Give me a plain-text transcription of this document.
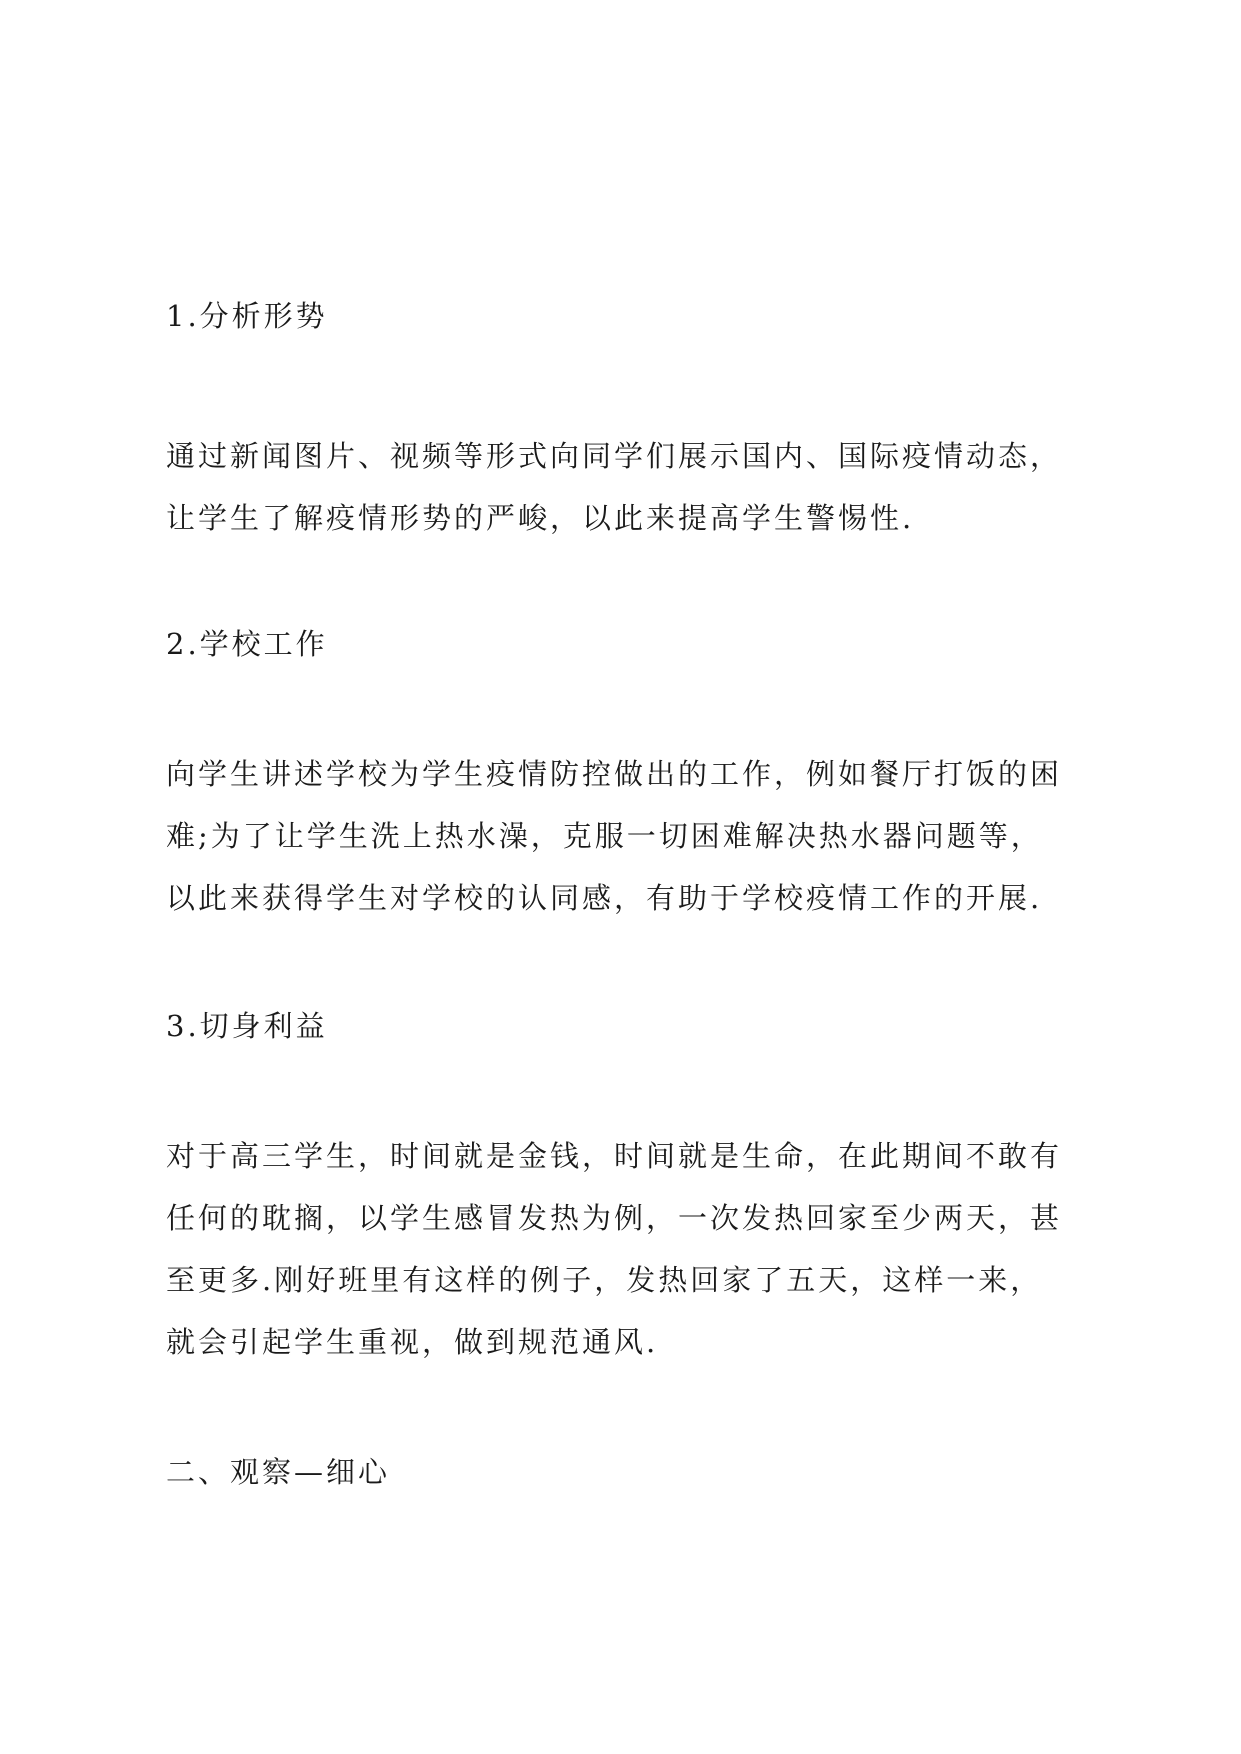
1.分析形势
通过新闻图片、视频等形式向同学们展示国内、国际疫情动态，
让学生了解疫情形势的严峻，以此来提高学生警惕性.
2.学校工作
向学生讲述学校为学生疫情防控做出的工作，例如餐厅打饭的困
难;为了让学生洗上热水澡，克服一切困难解决热水器问题等，
以此来获得学生对学校的认同感，有助于学校疫情工作的开展.
3.切身利益
对于高三学生，时间就是金钱，时间就是生命，在此期间不敢有
任何的耽搁，以学生感冒发热为例，一次发热回家至少两天，甚
至更多.刚好班里有这样的例子，发热回家了五天，这样一来，
就会引起学生重视，做到规范通风.
二、观察—细心
